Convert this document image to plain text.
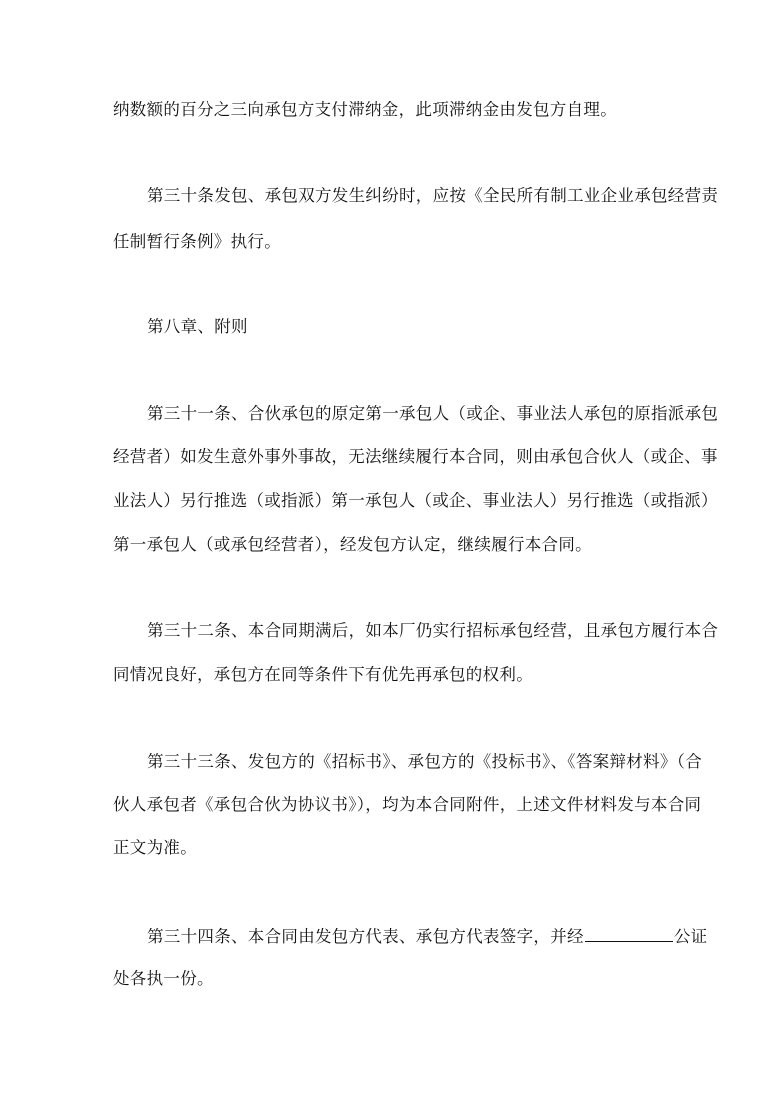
纳数额的百分之三向承包方支付滞纳金，此项滞纳金由发包方自理。

第三十条发包、承包双方发生纠纷时，应按《全民所有制工业企业承包经营责

任制暂行条例》执行。

第八章、附则

第三十一条、合伙承包的原定第一承包人（或企、事业法人承包的原指派承包

经营者）如发生意外事外事故，无法继续履行本合同，则由承包合伙人（或企、事

业法人）另行推选（或指派）第一承包人（或企、事业法人）另行推选（或指派）

第一承包人（或承包经营者），经发包方认定，继续履行本合同。

第三十二条、本合同期满后，如本厂仍实行招标承包经营，且承包方履行本合

同情况良好，承包方在同等条件下有优先再承包的权利。

第三十三条、发包方的《招标书》、承包方的《投标书》、《答案辩材料》（合

伙人承包者《承包合伙为协议书》），均为本合同附件，上述文件材料发与本合同

正文为准。

第三十四条、本合同由发包方代表、承包方代表签字，并经	公证

处各执一份。
